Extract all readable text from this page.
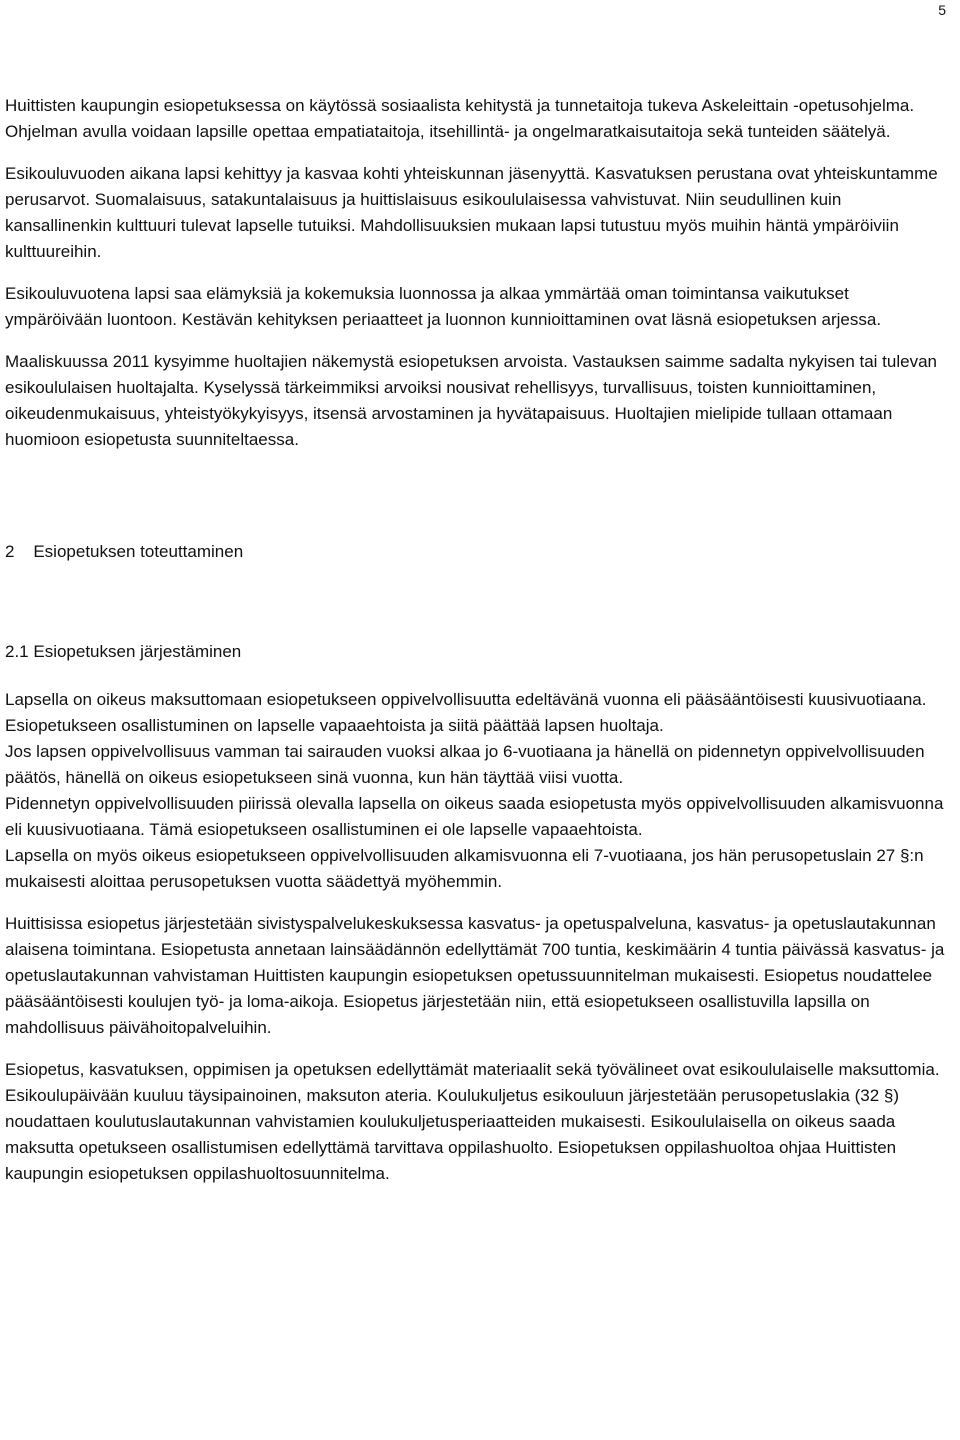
5

Huittisten kaupungin esiopetuksessa on käytössä sosiaalista kehitystä ja tunnetaitoja tukeva Askeleittain -opetusohjelma. Ohjelman avulla voidaan lapsille opettaa empatiataitoja, itsehillintä- ja ongelmaratkaisutaitoja sekä tunteiden säätelyä.

Esikouluvuoden aikana lapsi kehittyy ja kasvaa kohti yhteiskunnan jäsenyyttä. Kasvatuksen perustana ovat yhteiskuntamme perusarvot. Suomalaisuus, satakuntalaisuus ja huittislaisuus esikoululaisessa vahvistuvat. Niin seudullinen kuin kansallinenkin kulttuuri tulevat lapselle tutuiksi. Mahdollisuuksien mukaan lapsi tutustuu myös muihin häntä ympäröiviin kulttuureihin.

Esikouluvuotena lapsi saa elämyksiä ja kokemuksia luonnossa ja alkaa ymmärtää oman toimintansa vaikutukset ympäröivään luontoon. Kestävän kehityksen periaatteet ja luonnon kunnioittaminen ovat läsnä esiopetuksen arjessa.

Maaliskuussa 2011 kysyimme huoltajien näkemystä esiopetuksen arvoista. Vastauksen saimme sadalta nykyisen tai tulevan esikoululaisen huoltajalta. Kyselyssä tärkeimmiksi arvoiksi nousivat rehellisyys, turvallisuus, toisten kunnioittaminen, oikeudenmukaisuus, yhteistyökykyisyys, itsensä arvostaminen ja hyvätapaisuus. Huoltajien mielipide tullaan ottamaan huomioon esiopetusta suunniteltaessa.

2    Esiopetuksen toteuttaminen
2.1 Esiopetuksen järjestäminen

Lapsella on oikeus maksuttomaan esiopetukseen oppivelvollisuutta edeltävänä vuonna eli pääsääntöisesti kuusivuotiaana. Esiopetukseen osallistuminen on lapselle vapaaehtoista ja siitä päättää lapsen huoltaja.

Jos lapsen oppivelvollisuus vamman tai sairauden vuoksi alkaa jo 6-vuotiaana ja hänellä on pidennetyn oppivelvollisuuden päätös, hänellä on oikeus esiopetukseen sinä vuonna, kun hän täyttää viisi vuotta.

Pidennetyn oppivelvollisuuden piirissä olevalla lapsella on oikeus saada esiopetusta myös oppivelvollisuuden alkamisvuonna eli kuusivuotiaana. Tämä esiopetukseen osallistuminen ei ole lapselle vapaaehtoista.

Lapsella on myös oikeus esiopetukseen oppivelvollisuuden alkamisvuonna eli 7-vuotiaana, jos hän perusopetuslain 27 §:n mukaisesti aloittaa perusopetuksen vuotta säädettyä myöhemmin.

Huittisissa esiopetus järjestetään sivistyspalvelukeskuksessa kasvatus- ja opetuspalveluna, kasvatus- ja opetuslautakunnan alaisena toimintana. Esiopetusta annetaan lainsäädännön edellyttämät 700 tuntia, keskimäärin 4 tuntia päivässä kasvatus- ja opetuslautakunnan vahvistaman Huittisten kaupungin esiopetuksen opetussuunnitelman mukaisesti. Esiopetus noudattelee pääsääntöisesti koulujen työ- ja loma-aikoja. Esiopetus järjestetään niin, että esiopetukseen osallistuvilla lapsilla on mahdollisuus päivähoitopalveluihin.

Esiopetus, kasvatuksen, oppimisen ja opetuksen edellyttämät materiaalit sekä työvälineet ovat esikoululaiselle maksuttomia. Esikoulupäivään kuuluu täysipainoinen, maksuton ateria. Koulukuljetus esikouluun järjestetään perusopetuslakia (32 §) noudattaen koulutuslautakunnan vahvistamien koulukuljetusperiaatteiden mukaisesti. Esikoululaisella on oikeus saada maksutta opetukseen osallistumisen edellyttämä tarvittava oppilashuolto. Esiopetuksen oppilashuoltoa ohjaa Huittisten kaupungin esiopetuksen oppilashuoltosuunnitelma.
